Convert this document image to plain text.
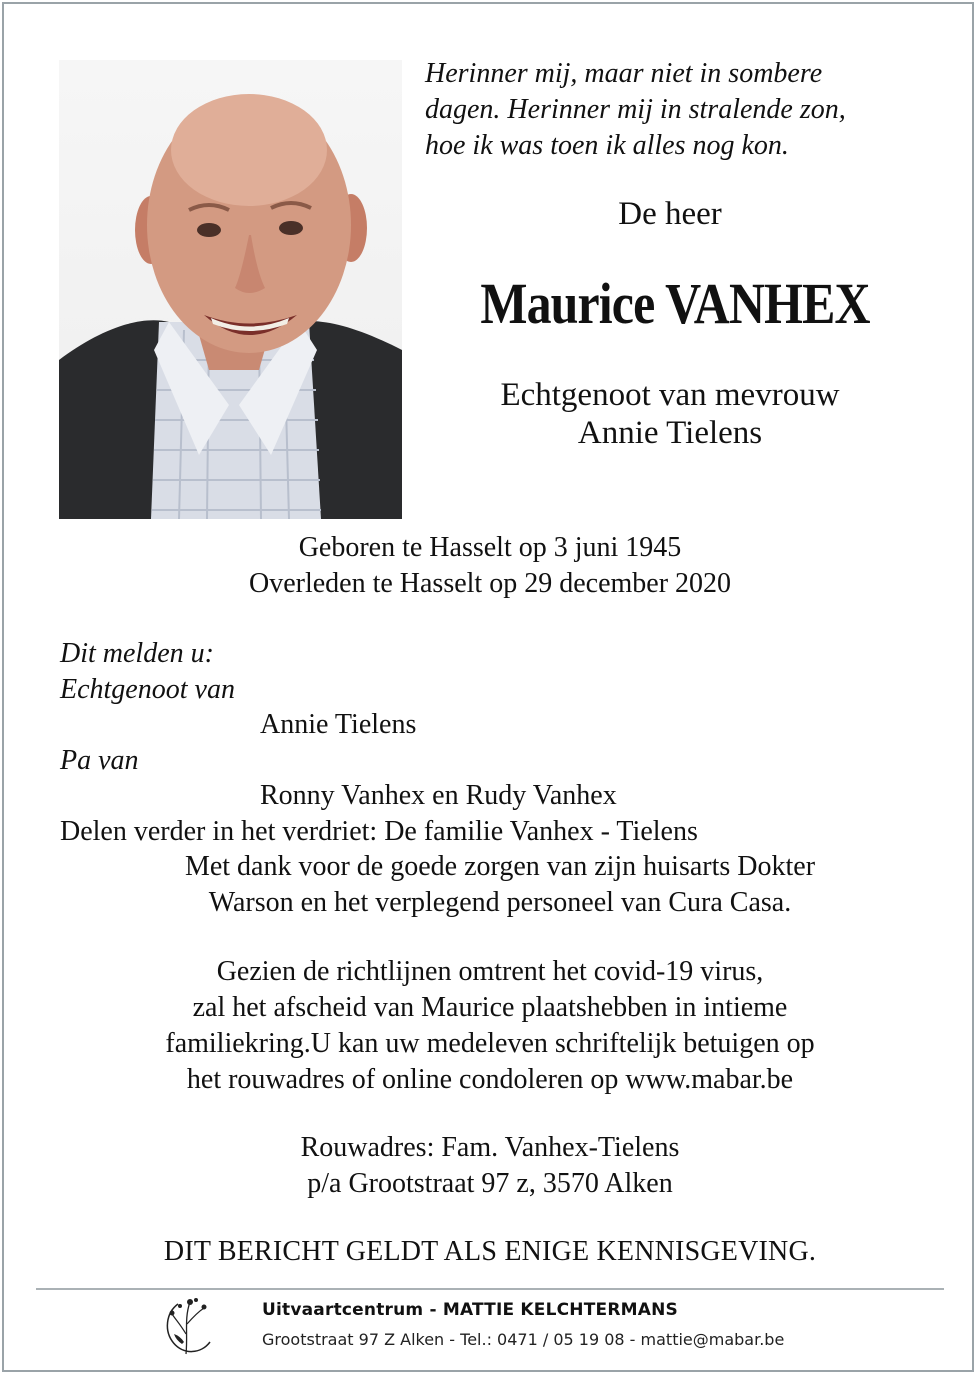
Herinner mij, maar niet in sombere
dagen. Herinner mij in stralende zon,
hoe ik was toen ik alles nog kon.
De heer
Maurice VANHEX
Echtgenoot van mevrouw
Annie Tielens
Geboren te Hasselt op 3 juni 1945
Overleden te Hasselt op 29 december 2020
Dit melden u:
Echtgenoot van
Annie Tielens
Pa van
Ronny Vanhex en Rudy Vanhex
Delen verder in het verdriet: De familie Vanhex - Tielens
Met dank voor de goede zorgen van zijn huisarts Dokter
Warson en het verplegend personeel van Cura Casa.
Gezien de richtlijnen omtrent het covid-19 virus,
zal het afscheid van Maurice plaatshebben in intieme
familiekring.U kan uw medeleven schriftelijk betuigen op
het rouwadres of online condoleren op www.mabar.be
Rouwadres: Fam. Vanhex-Tielens
p/a Grootstraat 97 z, 3570 Alken
DIT BERICHT GELDT ALS ENIGE KENNISGEVING.
Uitvaartcentrum - MATTIE KELCHTERMANS
Grootstraat 97 Z Alken - Tel.: 0471 / 05 19 08 - mattie@mabar.be
